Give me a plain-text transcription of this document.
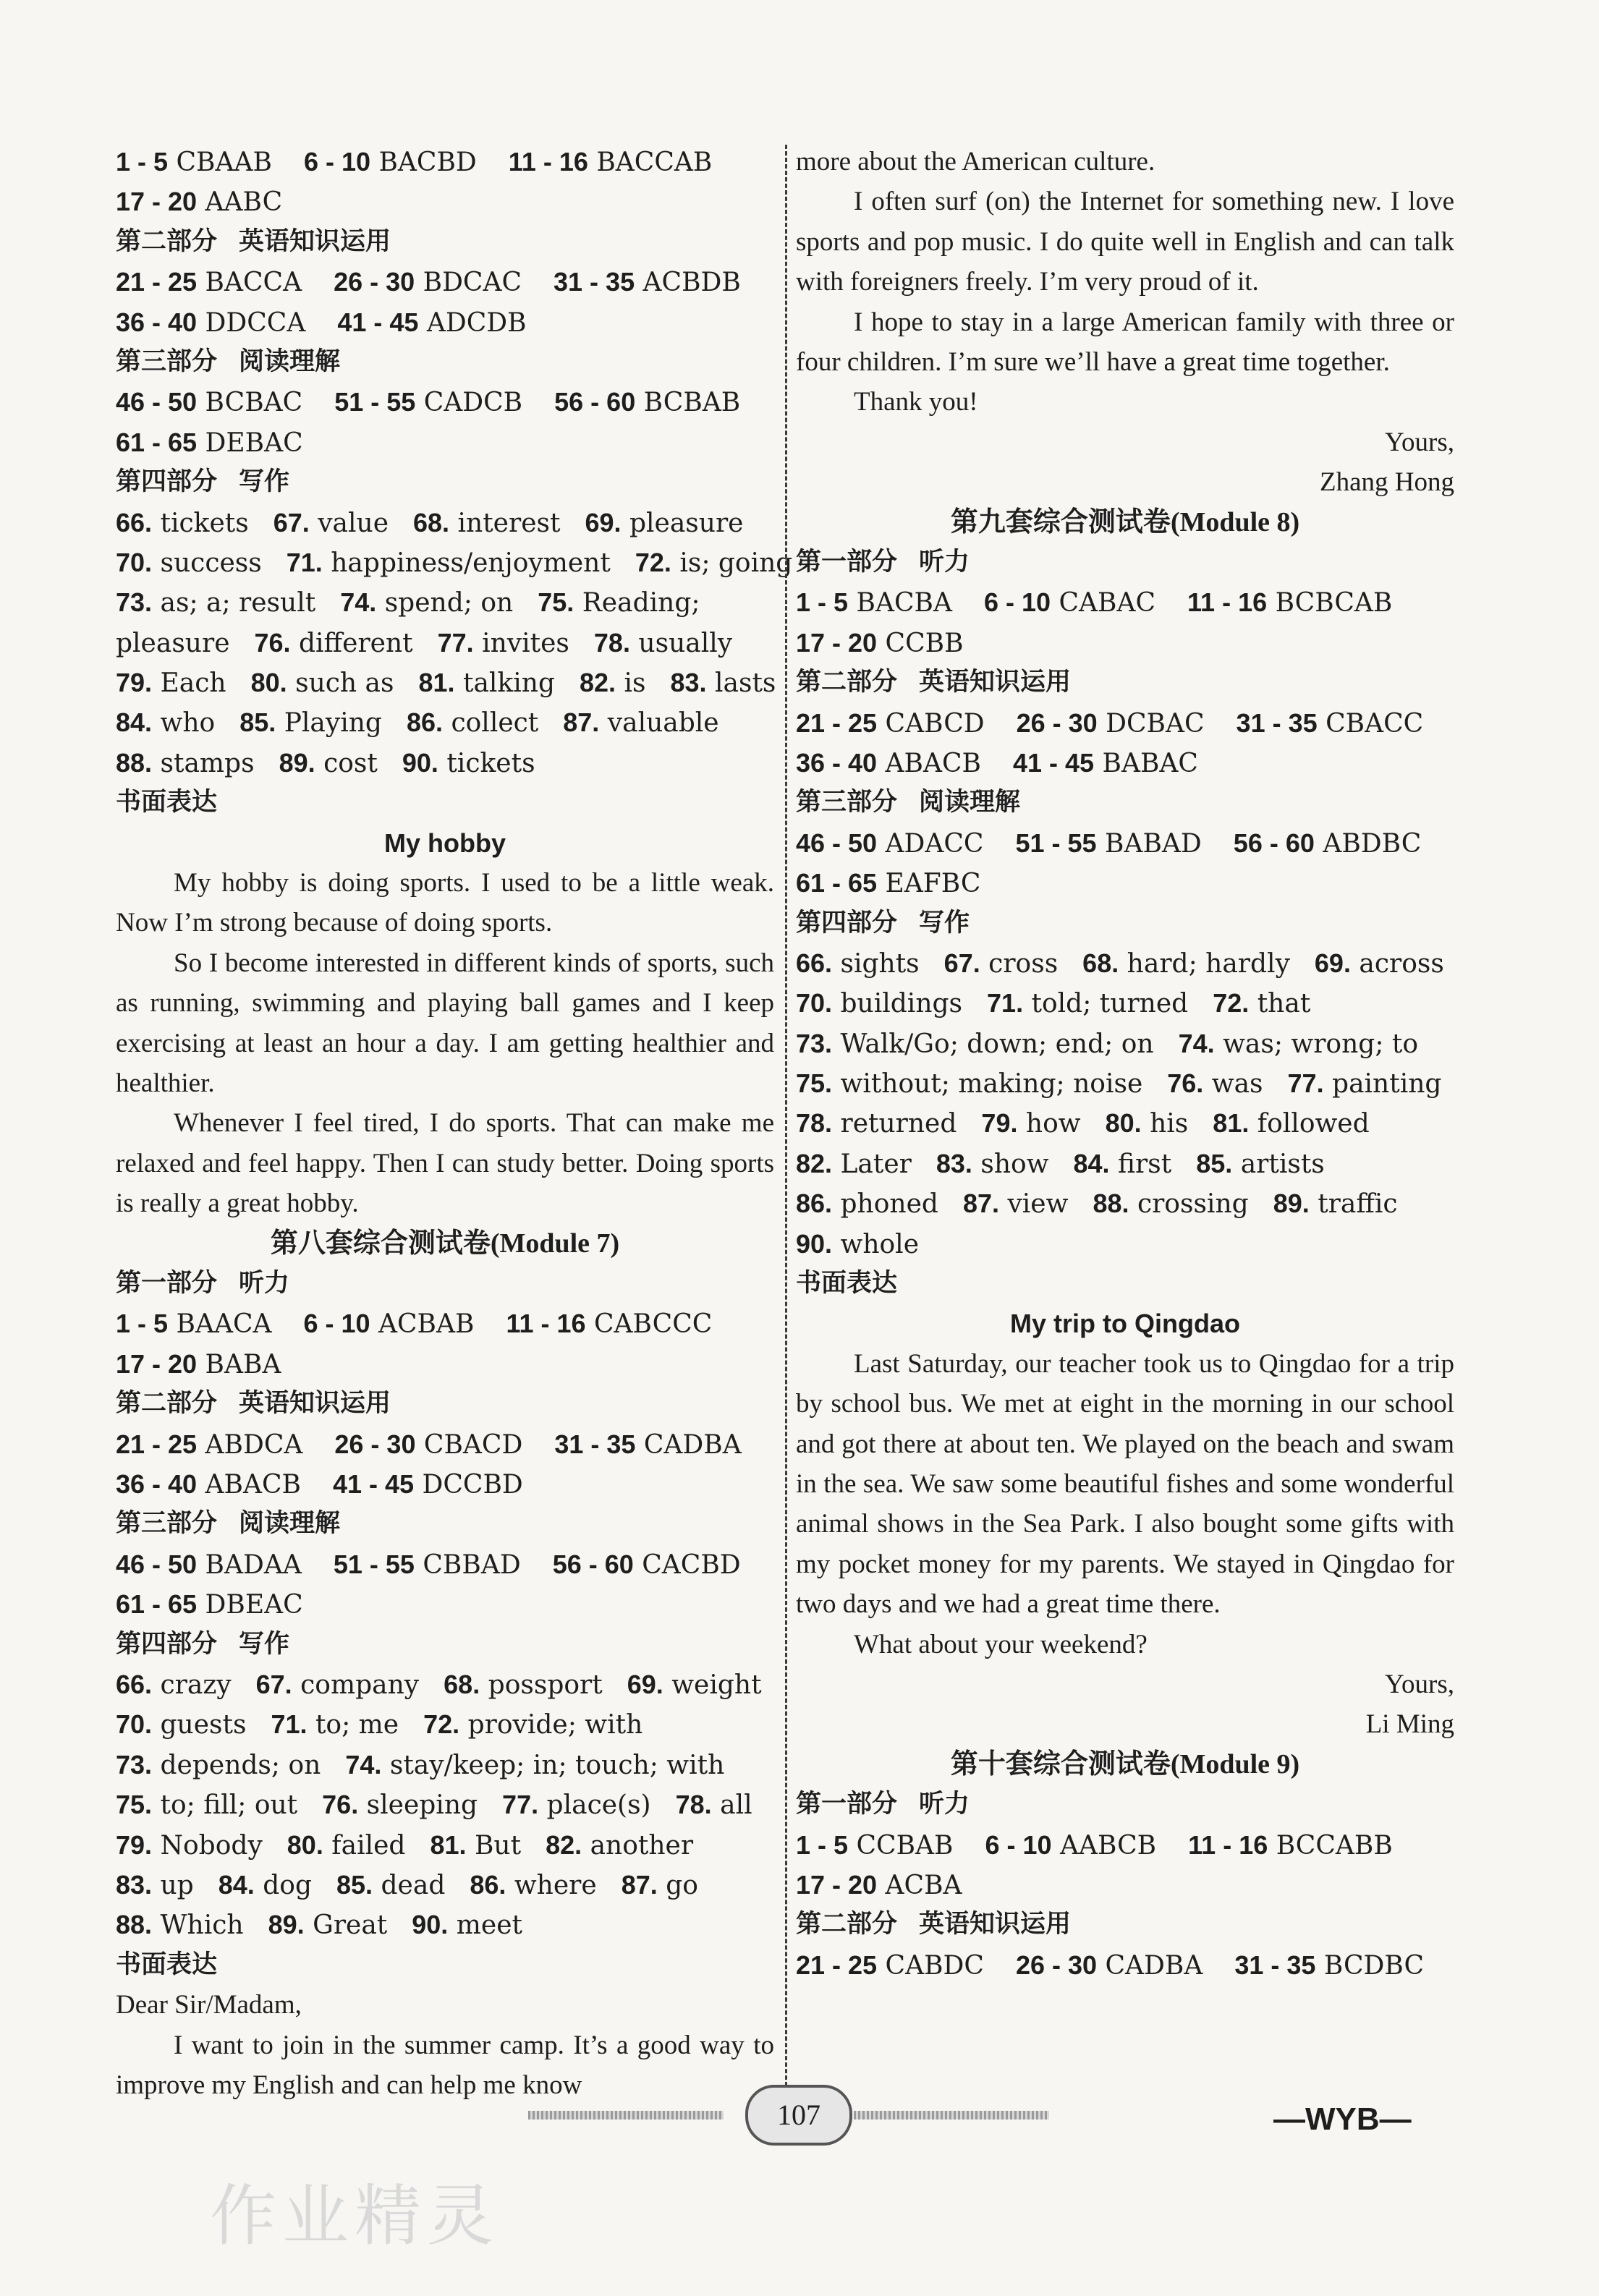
1 - 5 CBAAB 6 - 10 BACBD 11 - 16 BACCAB
17 - 20 AABC
第二部分 英语知识运用
21 - 25 BACCA 26 - 30 BDCAC 31 - 35 ACBDB
36 - 40 DDCCA 41 - 45 ADCDB
第三部分 阅读理解
46 - 50 BCBAC 51 - 55 CADCB 56 - 60 BCBAB
61 - 65 DEBAC
第四部分 写作
66. tickets 67. value 68. interest 69. pleasure
70. success 71. happiness/enjoyment 72. is; going
73. as; a; result 74. spend; on 75. Reading;
pleasure 76. different 77. invites 78. usually
79. Each 80. such as 81. talking 82. is 83. lasts
84. who 85. Playing 86. collect 87. valuable
88. stamps 89. cost 90. tickets
书面表达
My hobby
My hobby is doing sports. I used to be a little weak. Now I’m strong because of doing sports.
So I become interested in different kinds of sports, such as running, swimming and playing ball games and I keep exercising at least an hour a day. I am getting healthier and healthier.
Whenever I feel tired, I do sports. That can make me relaxed and feel happy. Then I can study better. Doing sports is really a great hobby.
第八套综合测试卷(Module 7)
第一部分 听力
1 - 5 BAACA 6 - 10 ACBAB 11 - 16 CABCCC
17 - 20 BABA
第二部分 英语知识运用
21 - 25 ABDCA 26 - 30 CBACD 31 - 35 CADBA
36 - 40 ABACB 41 - 45 DCCBD
第三部分 阅读理解
46 - 50 BADAA 51 - 55 CBBAD 56 - 60 CACBD
61 - 65 DBEAC
第四部分 写作
66. crazy 67. company 68. possport 69. weight
70. guests 71. to; me 72. provide; with
73. depends; on 74. stay/keep; in; touch; with
75. to; fill; out 76. sleeping 77. place(s) 78. all
79. Nobody 80. failed 81. But 82. another
83. up 84. dog 85. dead 86. where 87. go
88. Which 89. Great 90. meet
书面表达
Dear Sir/Madam,
I want to join in the summer camp. It’s a good way to improve my English and can help me know
more about the American culture.
I often surf (on) the Internet for something new. I love sports and pop music. I do quite well in English and can talk with foreigners freely. I’m very proud of it.
I hope to stay in a large American family with three or four children. I’m sure we’ll have a great time together.
Thank you!
Yours,
Zhang Hong
第九套综合测试卷(Module 8)
第一部分 听力
1 - 5 BACBA 6 - 10 CABAC 11 - 16 BCBCAB
17 - 20 CCBB
第二部分 英语知识运用
21 - 25 CABCD 26 - 30 DCBAC 31 - 35 CBACC
36 - 40 ABACB 41 - 45 BABAC
第三部分 阅读理解
46 - 50 ADACC 51 - 55 BABAD 56 - 60 ABDBC
61 - 65 EAFBC
第四部分 写作
66. sights 67. cross 68. hard; hardly 69. across
70. buildings 71. told; turned 72. that
73. Walk/Go; down; end; on 74. was; wrong; to
75. without; making; noise 76. was 77. painting
78. returned 79. how 80. his 81. followed
82. Later 83. show 84. first 85. artists
86. phoned 87. view 88. crossing 89. traffic
90. whole
书面表达
My trip to Qingdao
Last Saturday, our teacher took us to Qingdao for a trip by school bus. We met at eight in the morning in our school and got there at about ten. We played on the beach and swam in the sea. We saw some beautiful fishes and some wonderful animal shows in the Sea Park. I also bought some gifts with my pocket money for my parents. We stayed in Qingdao for two days and we had a great time there.
What about your weekend?
Yours,
Li Ming
第十套综合测试卷(Module 9)
第一部分 听力
1 - 5 CCBAB 6 - 10 AABCB 11 - 16 BCCABB
17 - 20 ACBA
第二部分 英语知识运用
21 - 25 CABDC 26 - 30 CADBA 31 - 35 BCDBC
107	—WYB—
作业精灵
